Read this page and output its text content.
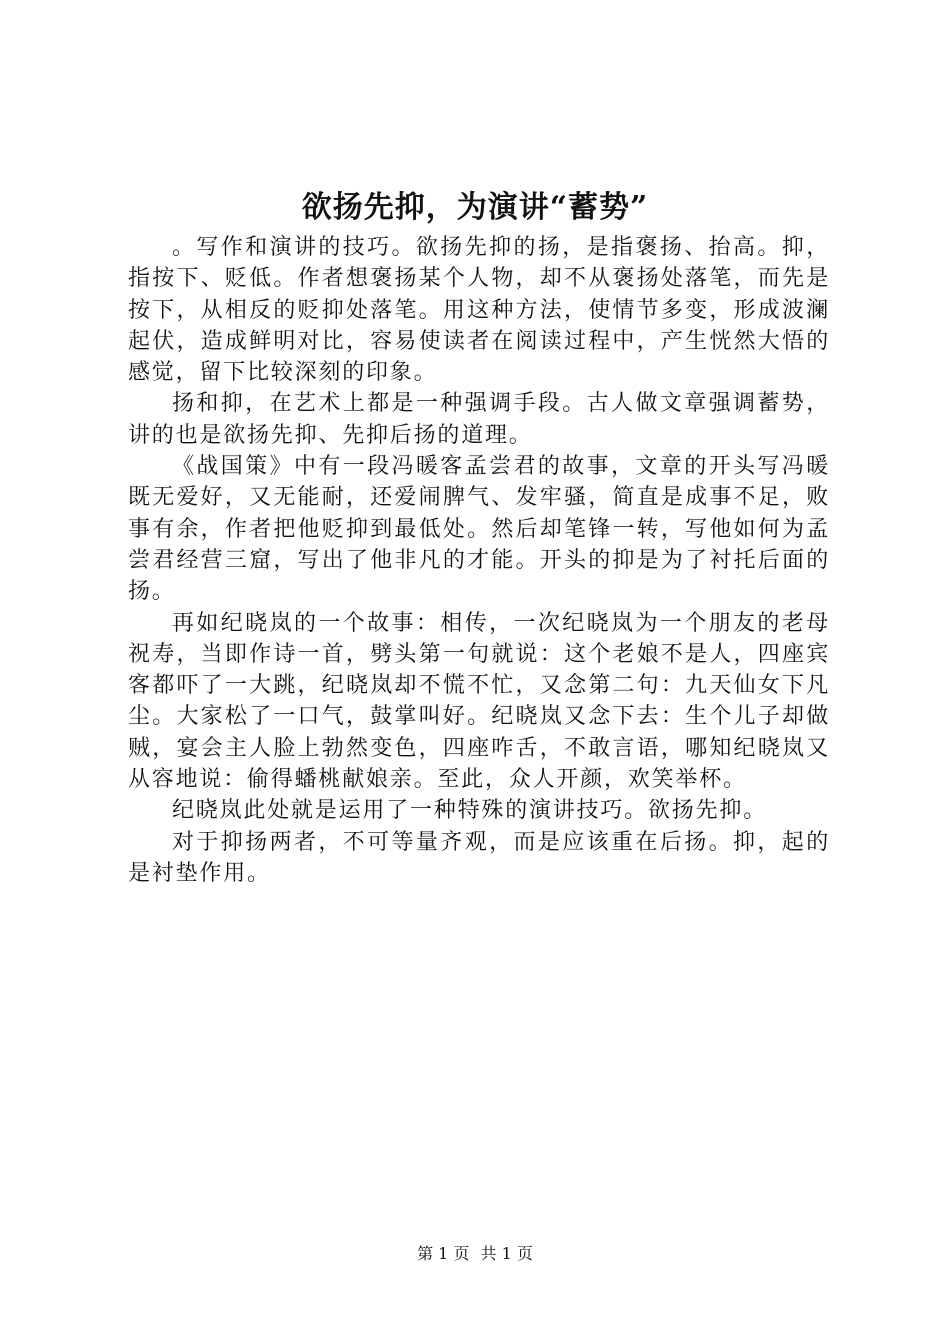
欲扬先抑，为演讲“蓄势”

。写作和演讲的技巧。欲扬先抑的扬，是指褒扬、抬高。抑，指按下、贬低。作者想褒扬某个人物，却不从褒扬处落笔，而先是按下，从相反的贬抑处落笔。用这种方法，使情节多变，形成波澜起伏，造成鲜明对比，容易使读者在阅读过程中，产生恍然大悟的感觉，留下比较深刻的印象。

扬和抑，在艺术上都是一种强调手段。古人做文章强调蓄势，讲的也是欲扬先抑、先抑后扬的道理。

《战国策》中有一段冯暖客孟尝君的故事，文章的开头写冯暖既无爱好，又无能耐，还爱闹脾气、发牢骚，简直是成事不足，败事有余，作者把他贬抑到最低处。然后却笔锋一转，写他如何为孟尝君经营三窟，写出了他非凡的才能。开头的抑是为了衬托后面的扬。

再如纪晓岚的一个故事：相传，一次纪晓岚为一个朋友的老母祝寿，当即作诗一首，劈头第一句就说：这个老娘不是人，四座宾客都吓了一大跳，纪晓岚却不慌不忙，又念第二句：九天仙女下凡尘。大家松了一口气，鼓掌叫好。纪晓岚又念下去：生个儿子却做贼，宴会主人脸上勃然变色，四座咋舌，不敢言语，哪知纪晓岚又从容地说：偷得蟠桃献娘亲。至此，众人开颜，欢笑举杯。

纪晓岚此处就是运用了一种特殊的演讲技巧。欲扬先抑。

对于抑扬两者，不可等量齐观，而是应该重在后扬。抑，起的是衬垫作用。

第 1 页 共 1 页
